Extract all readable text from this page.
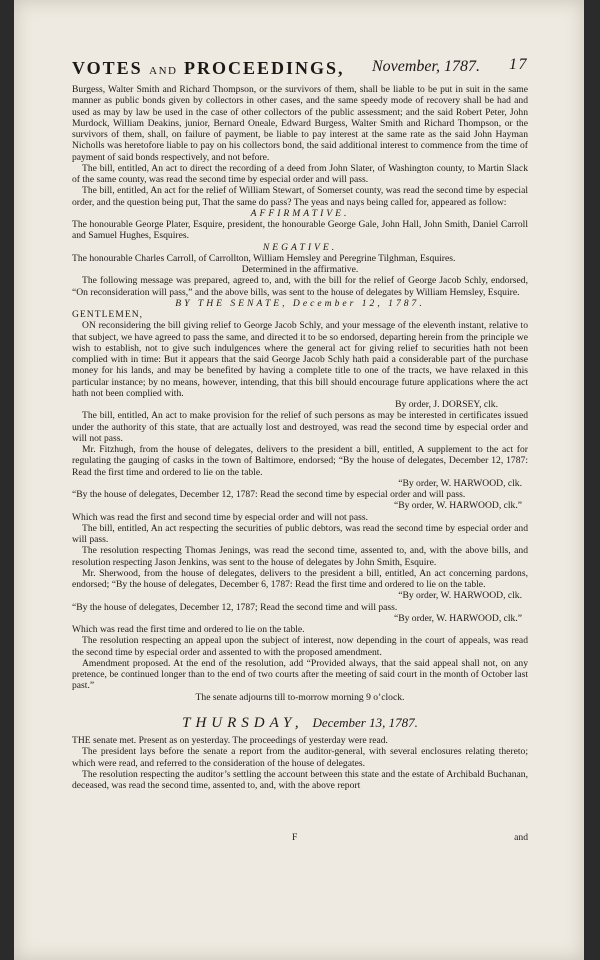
VOTES AND PROCEEDINGS, November, 1787. 17

Burgess, Walter Smith and Richard Thompson, or the survivors of them, shall be liable to be put in suit in the same manner as public bonds given by collectors in other cases, and the same speedy mode of recovery shall be had and used as may by law be used in the case of other collectors of the public assessment; and the said Robert Peter, John Murdock, William Deakins, junior, Bernard Oneale, Edward Burgess, Walter Smith and Richard Thompson, or the survivors of them, shall, on failure of payment, be liable to pay interest at the same rate as the said John Hayman Nicholls was heretofore liable to pay on his collectors bond, the said additional interest to commence from the time of payment of said bonds respectively, and not before.

The bill, entitled, An act to direct the recording of a deed from John Slater, of Washington county, to Martin Slack of the same county, was read the second time by especial order and will pass.

The bill, entitled, An act for the relief of William Stewart, of Somerset county, was read the second time by especial order, and the question being put, That the same do pass? The yeas and nays being called for, appeared as follow:

AFFIRMATIVE.

The honourable George Plater, Esquire, president, the honourable George Gale, John Hall, John Smith, Daniel Carroll and Samuel Hughes, Esquires.

NEGATIVE.

The honourable Charles Carroll, of Carrollton, William Hemsley and Peregrine Tilghman, Esquires.

Determined in the affirmative.

The following message was prepared, agreed to, and, with the bill for the relief of George Jacob Schly, endorsed, “On reconsideration will pass,” and the above bills, was sent to the house of delegates by William Hemsley, Esquire.

BY THE SENATE, December 12, 1787.

GENTLEMEN,

ON reconsidering the bill giving relief to George Jacob Schly, and your message of the eleventh instant, relative to that subject, we have agreed to pass the same, and directed it to be so endorsed, departing herein from the principle we wish to establish, not to give such indulgences where the general act for giving relief to securities hath not been complied with in time: But it appears that the said George Jacob Schly hath paid a considerable part of the purchase money for his lands, and may be benefited by having a complete title to one of the tracts, we have relaxed in this particular instance; by no means, however, intending, that this bill should encourage future applications where the act hath not been complied with.

By order, J. DORSEY, clk.

The bill, entitled, An act to make provision for the relief of such persons as may be interested in certificates issued under the authority of this state, that are actually lost and destroyed, was read the second time by especial order and will not pass.

Mr. Fitzhugh, from the house of delegates, delivers to the president a bill, entitled, A supplement to the act for regulating the gauging of casks in the town of Baltimore, endorsed; “By the house of delegates, December 12, 1787: Read the first time and ordered to lie on the table.

“By order, W. HARWOOD, clk.

“By the house of delegates, December 12, 1787: Read the second time by especial order and will pass.

“By order, W. HARWOOD, clk.”

Which was read the first and second time by especial order and will not pass.

The bill, entitled, An act respecting the securities of public debtors, was read the second time by especial order and will pass.

The resolution respecting Thomas Jenings, was read the second time, assented to, and, with the above bills, and resolution respecting Jason Jenkins, was sent to the house of delegates by John Smith, Esquire.

Mr. Sherwood, from the house of delegates, delivers to the president a bill, entitled, An act concerning pardons, endorsed; “By the house of delegates, December 6, 1787: Read the first time and ordered to lie on the table.

“By order, W. HARWOOD, clk.

“By the house of delegates, December 12, 1787; Read the second time and will pass.

“By order, W. HARWOOD, clk.”

Which was read the first time and ordered to lie on the table.

The resolution respecting an appeal upon the subject of interest, now depending in the court of appeals, was read the second time by especial order and assented to with the proposed amendment.

Amendment proposed. At the end of the resolution, add “Provided always, that the said appeal shall not, on any pretence, be continued longer than to the end of two courts after the meeting of said court in the month of October last past.”

The senate adjourns till to-morrow morning 9 o’clock.

THURSDAY, December 13, 1787.

THE senate met. Present as on yesterday. The proceedings of yesterday were read.

The president lays before the senate a report from the auditor-general, with several enclosures relating thereto; which were read, and referred to the consideration of the house of delegates.

The resolution respecting the auditor’s settling the account between this state and the estate of Archibald Buchanan, deceased, was read the second time, assented to, and, with the above report

F	and
